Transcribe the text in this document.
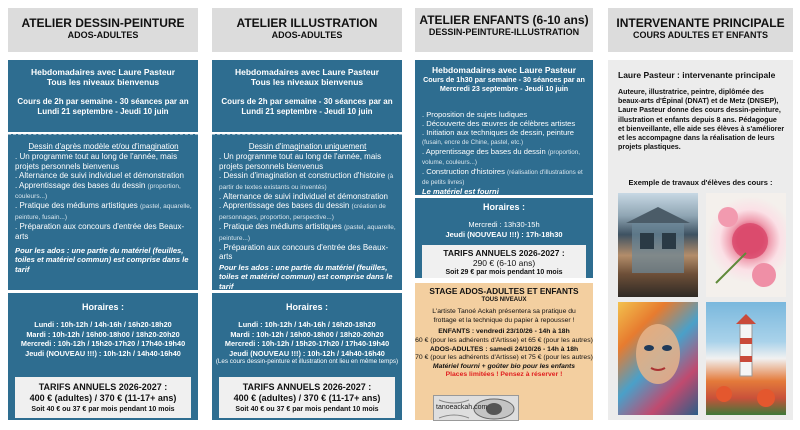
ATELIER DESSIN-PEINTURE
ADOS-ADULTES
Hebdomadaires avec Laure Pasteur
Tous les niveaux bienvenus
Cours de 2h par semaine - 30 séances par an
Lundi 21 septembre - Jeudi 10 juin
Dessin d'après modèle et/ou d'imagination
. Un programme tout au long de l'année, mais projets personnels bienvenus
. Alternance de suivi individuel et démonstration
. Apprentissage des bases du dessin (proportion, couleurs...)
. Pratique des médiums artistiques (pastel, aquarelle, peinture, fusain...)
. Préparation aux concours d'entrée des Beaux-arts
Pour les ados : une partie du matériel (feuilles, toiles et matériel commun) est comprise dans le tarif
Horaires :
Lundi : 10h-12h / 14h-16h / 16h20-18h20
Mardi : 10h-12h / 16h00-18h00 / 18h20-20h20
Mercredi : 10h-12h / 15h20-17h20 / 17h40-19h40
Jeudi (NOUVEAU !!!) : 10h-12h / 14h40-16h40
TARIFS ANNUELS 2026-2027 :
400 € (adultes) / 370 € (11-17+ ans)
Soit 40 € ou 37 € par mois pendant 10 mois
ATELIER ILLUSTRATION
ADOS-ADULTES
Hebdomadaires avec Laure Pasteur
Tous les niveaux bienvenus
Cours de 2h par semaine - 30 séances par an
Lundi 21 septembre - Jeudi 10 juin
Dessin d'imagination uniquement
. Un programme tout au long de l'année, mais projets personnels bienvenus
. Dessin d'imagination et construction d'histoire (à partir de textes existants ou inventés)
. Alternance de suivi individuel et démonstration
. Apprentissage des bases du dessin (création de personnages, proportion, perspective...)
. Pratique des médiums artistiques (pastel, aquarelle, peinture...)
. Préparation aux concours d'entrée des Beaux-arts
Pour les ados : une partie du matériel (feuilles, toiles et matériel commun) est comprise dans le tarif
Horaires :
Lundi : 10h-12h / 14h-16h / 16h20-18h20
Mardi : 10h-12h / 16h00-18h00 / 18h20-20h20
Mercredi : 10h-12h / 15h20-17h20 / 17h40-19h40
Jeudi (NOUVEAU !!!) : 10h-12h / 14h40-16h40
(Les cours dessin-peinture et illustration ont lieu en même temps)
TARIFS ANNUELS 2026-2027 :
400 € (adultes) / 370 € (11-17+ ans)
Soit 40 € ou 37 € par mois pendant 10 mois
ATELIER ENFANTS (6-10 ans)
DESSIN-PEINTURE-ILLUSTRATION
Hebdomadaires avec Laure Pasteur
Cours de 1h30 par semaine - 30 séances par an
Mercredi 23 septembre - Jeudi 10 juin
. Proposition de sujets ludiques
. Découverte des œuvres de célèbres artistes
. Initiation aux techniques de dessin, peinture (fusain, encre de Chine, pastel, etc.)
. Apprentissage des bases du dessin (proportion, volume, couleurs...)
. Construction d'histoires (réalisation d'illustrations et de petits livres)
Le matériel est fourni
Horaires :
Mercredi : 13h30-15h
Jeudi (NOUVEAU !!!) : 17h-18h30
TARIFS ANNUELS 2026-2027 :
290 € (6-10 ans)
Soit 29 € par mois pendant 10 mois
STAGE ADOS-ADULTES ET ENFANTS
TOUS NIVEAUX
L'artiste Tanoé Ackah présentera sa pratique du frottage et la technique du papier à repousser !
ENFANTS : vendredi 23/10/26 - 14h à 18h
60 € (pour les adhérents d'Artisse) et 65 € (pour les autres)
ADOS-ADULTES : samedi 24/10/26 - 14h à 18h
70 € (pour les adhérents d'Artisse) et 75 € (pour les autres)
Matériel fourni + goûter bio pour les enfants
Places limitées ! Pensez à réserver !
tanoeackah.com
INTERVENANTE PRINCIPALE
COURS ADULTES ET ENFANTS
Laure Pasteur : intervenante principale
Auteure, illustratrice, peintre, diplômée des beaux-arts d'Épinal (DNAT) et de Metz (DNSEP), Laure Pasteur donne des cours dessin-peinture, illustration et enfants depuis 8 ans. Pédagogue et bienveillante, elle aide ses élèves à s'améliorer et les accompagne dans la réalisation de leurs projets plastiques.
Exemple de travaux d'élèves des cours :
